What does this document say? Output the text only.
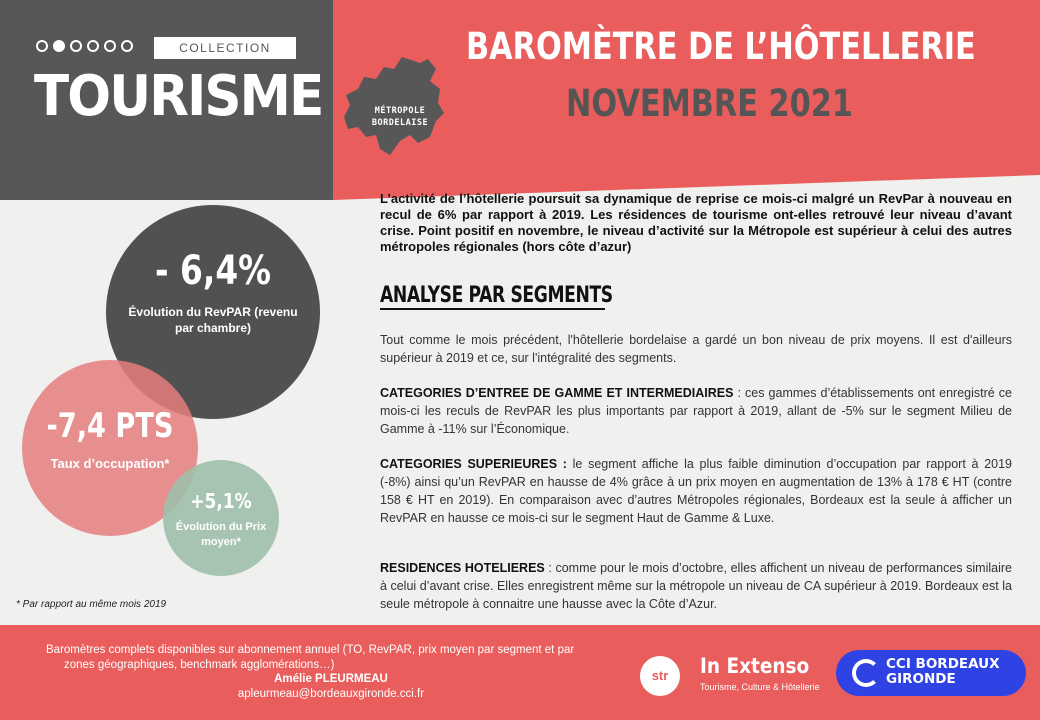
COLLECTION
TOURISME	MÉTROPOLE
BORDELAISE
BAROMÈTRE DE L’HÔTELLERIE
NOVEMBRE 2021
L’activité de l’hôtellerie poursuit sa dynamique de reprise ce mois-ci malgré un RevPar à nouveau en recul de 6% par rapport à 2019. Les résidences de tourisme ont-elles retrouvé leur niveau d’avant crise. Point positif en novembre, le niveau d’activité sur la Métropole est supérieur à celui des autres métropoles régionales (hors côte d’azur)
ANALYSE PAR SEGMENTS
Tout comme le mois précédent, l'hôtellerie bordelaise a gardé un bon niveau de prix moyens. Il est d'ailleurs supérieur à 2019 et ce, sur l'intégralité des segments.
CATEGORIES D’ENTREE DE GAMME ET INTERMEDIAIRES : ces gammes d’établissements ont enregistré ce mois-ci les reculs de RevPAR les plus importants par rapport à 2019, allant de -5% sur le segment Milieu de Gamme à -11% sur l’Économique.
CATEGORIES SUPERIEURES : le segment affiche la plus faible diminution d’occupation par rapport à 2019 (-8%) ainsi qu’un RevPAR en hausse de 4% grâce à un prix moyen en augmentation de 13% à 178 € HT (contre 158 € HT en 2019). En comparaison avec d’autres Métropoles régionales, Bordeaux est la seule à afficher un RevPAR en hausse ce mois-ci sur le segment Haut de Gamme & Luxe.
RESIDENCES HOTELIERES : comme pour le mois d’octobre, elles affichent un niveau de performances similaire à celui d’avant crise. Elles enregistrent même sur la métropole un niveau de CA supérieur à 2019. Bordeaux est la seule métropole à connaitre une hausse avec la Côte d’Azur.
- 6,4%
Évolution du RevPAR (revenu par chambre)
-7,4 PTS
Taux d’occupation*
+5,1%
Évolution du Prix moyen*
* Par rapport au même mois 2019
Baromètres complets disponibles sur abonnement annuel (TO, RevPAR, prix moyen par segment et par
zones géographiques, benchmark agglomérations…)
Amélie PLEURMEAU
apleurmeau@bordeauxgironde.cci.fr
str	In Extenso
Tourisme, Culture & Hôtellerie
CCI BORDEAUX
GIRONDE
